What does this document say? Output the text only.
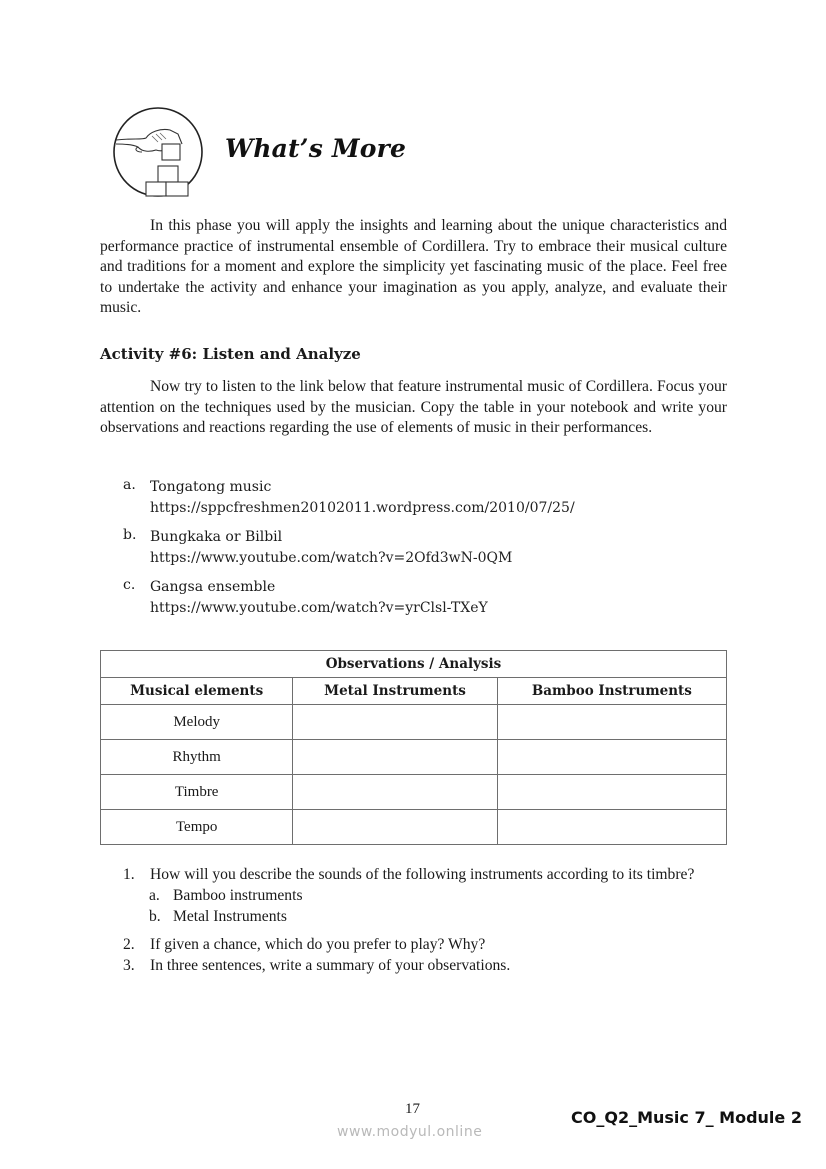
What’s More
In this phase you will apply the insights and learning about the unique characteristics and performance practice of instrumental ensemble of Cordillera. Try to embrace their musical culture and traditions for a moment and explore the simplicity yet fascinating music of the place. Feel free to undertake the activity and enhance your imagination as you apply, analyze, and evaluate their music.
Activity #6: Listen and Analyze
Now try to listen to the link below that feature instrumental music of Cordillera. Focus your attention on the techniques used by the musician. Copy the table in your notebook and write your observations and reactions regarding the use of elements of music in their performances.
a.	Tongatong music
https://sppcfreshmen20102011.wordpress.com/2010/07/25/
b. Bungkaka or Bilbil
https://www.youtube.com/watch?v=2Ofd3wN-0QM
c.	Gangsa ensemble
https://www.youtube.com/watch?v=yrClsl-TXeY
Observations / Analysis		
Musical elements	Metal Instruments	Bamboo Instruments
Melody		
Rhythm		
Timbre		
Tempo		
1. How will you describe the sounds of the following instruments according to its timbre?
a. Bamboo instruments
b. Metal Instruments
2. If given a chance, which do you prefer to play? Why?
3. In three sentences, write a summary of your observations.
17
www.modyul.online
CO_Q2_Music 7_ Module 2
